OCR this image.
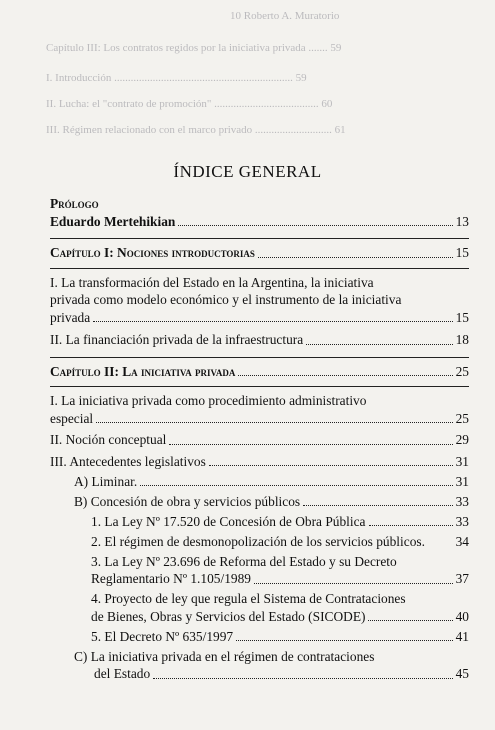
10 Roberto A. Muratorio
Capítulo III: Los contratos regidos por la iniciativa privada ....... 59
I. Introducción ................................................................. 59
II. Lucha: el "contrato de promoción" ...................................... 60
III. Régimen relacionado con el marco privado ............................ 61
ÍNDICE GENERAL
Prólogo
Eduardo Mertehikian	13
Capítulo I: Nociones introductorias	15
I. La transformación del Estado en la Argentina, la iniciativa
privada como modelo económico y el instrumento de la iniciativa
privada	15
II. La financiación privada de la infraestructura	18
Capítulo II: La iniciativa privada	25
I. La iniciativa privada como procedimiento administrativo
especial	25
II. Noción conceptual	29
III. Antecedentes legislativos	31
A) Liminar.	31
B) Concesión de obra y servicios públicos	33
1. La Ley Nº 17.520 de Concesión de Obra Pública	33
2. El régimen de desmonopolización de los servicios públicos. 34
3. La Ley Nº 23.696 de Reforma del Estado y su Decreto
Reglamentario Nº 1.105/1989	37
4. Proyecto de ley que regula el Sistema de Contrataciones
de Bienes, Obras y Servicios del Estado (SICODE)	40
5. El Decreto Nº 635/1997	41
C) La iniciativa privada en el régimen de contrataciones
del Estado	45
